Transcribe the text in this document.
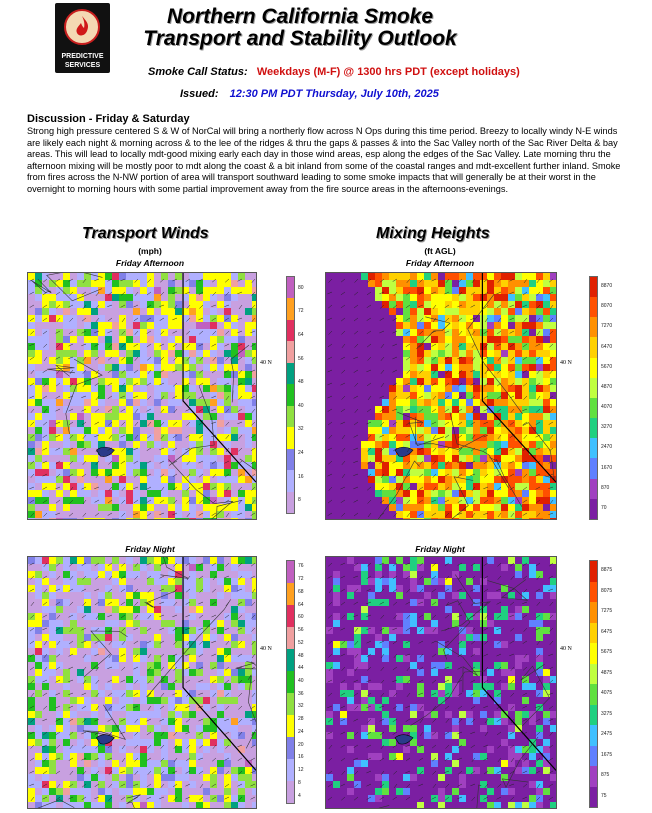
PREDICTIVE
SERVICES
Northern California Smoke
Transport and Stability Outlook
Smoke Call Status: Weekdays (M-F) @ 1300 hrs PDT (except holidays)
Issued: 12:30 PM PDT Thursday, July 10th, 2025
Discussion - Friday & Saturday
Strong high pressure centered S & W of NorCal will bring a northerly flow across N Ops during this time period. Breezy to locally windy N-E winds are likely each night & morning across & to the lee of the ridges & thru the gaps & passes & into the Sac Valley north of the Sac River Delta & bay areas. This will lead to locally mdt-good mixing early each day in those wind areas, esp along the edges of the Sac Valley. Late morning thru the afternoon mixing will be mostly poor to mdt along the coast & a bit inland from some of the coastal ranges and mdt-excellent further inland. Smoke from fires across the N-NW portion of area will transport southward leading to some smoke impacts that will generally be at their worst in the overnight to morning hours with some partial improvement away from the fire source areas in the afternoons-evenings.
Transport Winds
(mph)
Friday Afternoon
Mixing Heights
(ft AGL)
Friday Afternoon
Friday Night	Friday Night
40 N	40 N
40 N	40 N
80
72
64
56
48
40
32
24
16
8
8870
8070
7270
6470
5670
4870
4070
3270
2470
1670
870
70
76
72
68
64
60
56
52
48
44
40
36
32
28
24
20
16
12
8
4
8875
8075
7275
6475
5675
4875
4075
3275
2475
1675
875
75
